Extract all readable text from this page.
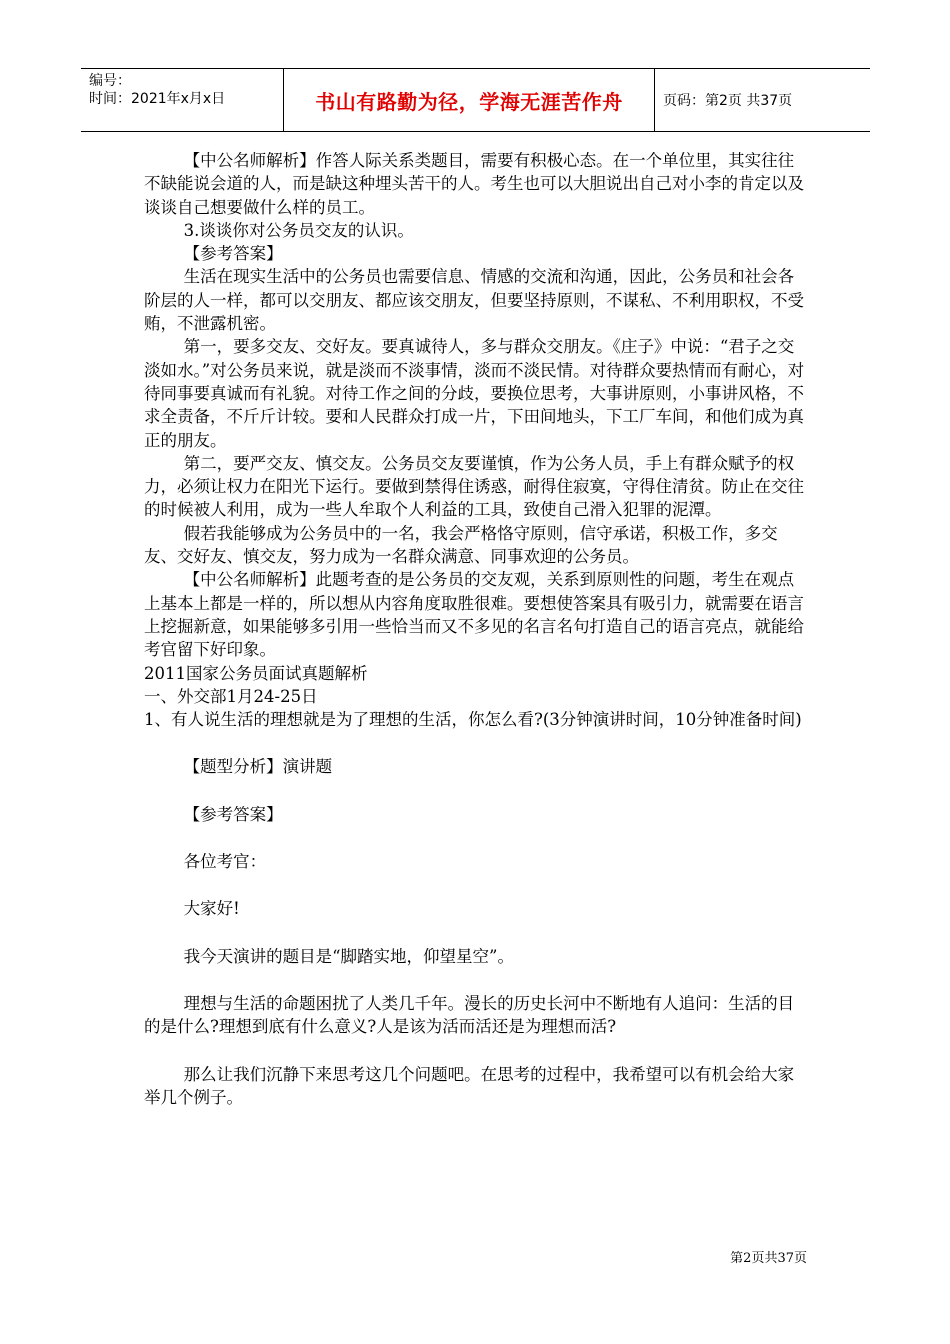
编号：
时间：2021年x月x日	书山有路勤为径，学海无涯苦作舟	页码：第2页 共37页

【中公名师解析】作答人际关系类题目，需要有积极心态。在一个单位里，其实往往不缺能说会道的人，而是缺这种埋头苦干的人。考生也可以大胆说出自己对小李的肯定以及谈谈自己想要做什么样的员工。

3.谈谈你对公务员交友的认识。

【参考答案】

生活在现实生活中的公务员也需要信息、情感的交流和沟通，因此，公务员和社会各阶层的人一样，都可以交朋友、都应该交朋友，但要坚持原则，不谋私、不利用职权，不受贿，不泄露机密。

第一，要多交友、交好友。要真诚待人，多与群众交朋友。《庄子》中说：“君子之交淡如水。”对公务员来说，就是淡而不淡事情，淡而不淡民情。对待群众要热情而有耐心，对待同事要真诚而有礼貌。对待工作之间的分歧，要换位思考，大事讲原则，小事讲风格，不求全责备，不斤斤计较。要和人民群众打成一片，下田间地头，下工厂车间，和他们成为真正的朋友。

第二，要严交友、慎交友。公务员交友要谨慎，作为公务人员，手上有群众赋予的权力，必须让权力在阳光下运行。要做到禁得住诱惑，耐得住寂寞，守得住清贫。防止在交往的时候被人利用，成为一些人牟取个人利益的工具，致使自己滑入犯罪的泥潭。

假若我能够成为公务员中的一名，我会严格恪守原则，信守承诺，积极工作，多交友、交好友、慎交友，努力成为一名群众满意、同事欢迎的公务员。

【中公名师解析】此题考查的是公务员的交友观，关系到原则性的问题，考生在观点上基本上都是一样的，所以想从内容角度取胜很难。要想使答案具有吸引力，就需要在语言上挖掘新意，如果能够多引用一些恰当而又不多见的名言名句打造自己的语言亮点，就能给考官留下好印象。

2011国家公务员面试真题解析

一、外交部1月24-25日

1、有人说生活的理想就是为了理想的生活，你怎么看?(3分钟演讲时间，10分钟准备时间)

【题型分析】演讲题

【参考答案】

各位考官：

大家好!

我今天演讲的题目是“脚踏实地，仰望星空”。

理想与生活的命题困扰了人类几千年。漫长的历史长河中不断地有人追问：生活的目的是什么?理想到底有什么意义?人是该为活而活还是为理想而活?

那么让我们沉静下来思考这几个问题吧。在思考的过程中，我希望可以有机会给大家举几个例子。

第2页共37页
